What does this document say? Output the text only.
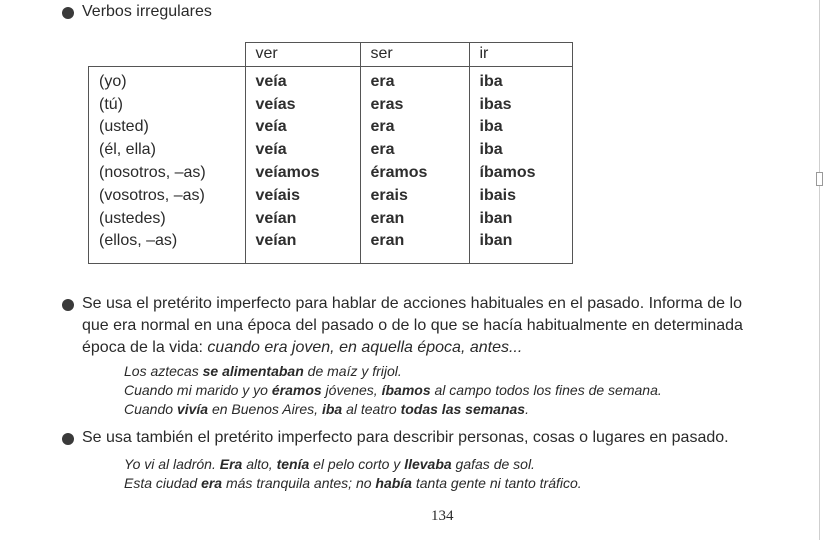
Verbos irregulares
	ver	ser	ir
(yo)	veía	era	iba
(tú)	veías	eras	ibas
(usted)	veía	era	iba
(él, ella)	veía	era	iba
(nosotros, –as)	veíamos	éramos	íbamos
(vosotros, –as)	veíais	erais	ibais
(ustedes)	veían	eran	iban
(ellos, –as)	veían	eran	iban
Se usa el pretérito imperfecto para hablar de acciones habituales en el pasado. Informa de lo
que era normal en una época del pasado o de lo que se hacía habitualmente en determinada
época de la vida: cuando era joven, en aquella época, antes...
Los aztecas se alimentaban de maíz y frijol.
Cuando mi marido y yo éramos jóvenes, íbamos al campo todos los fines de semana.
Cuando vivía en Buenos Aires, iba al teatro todas las semanas.
Se usa también el pretérito imperfecto para describir personas, cosas o lugares en pasado.
Yo vi al ladrón. Era alto, tenía el pelo corto y llevaba gafas de sol.
Esta ciudad era más tranquila antes; no había tanta gente ni tanto tráfico.
134
